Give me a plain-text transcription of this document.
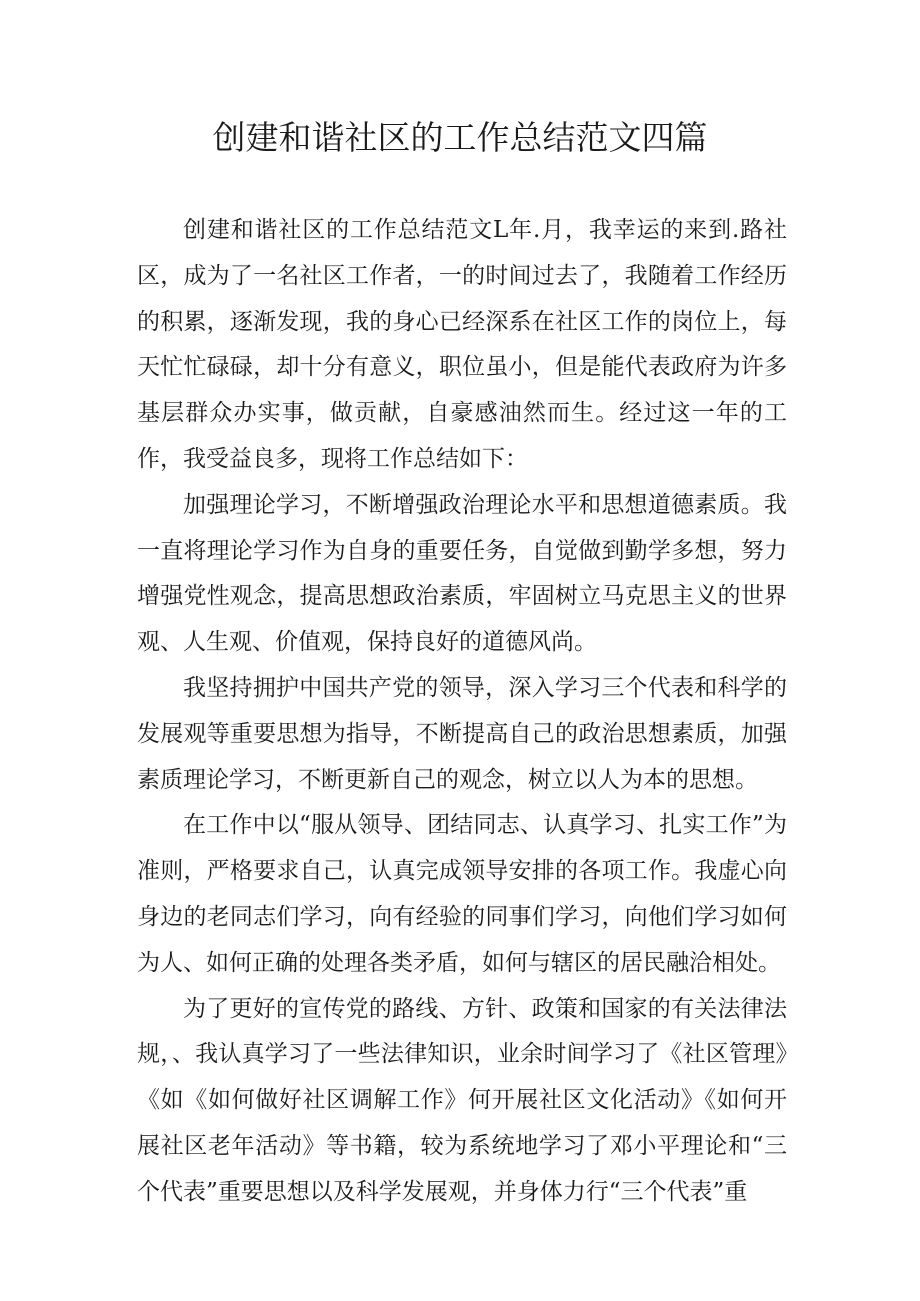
创建和谐社区的工作总结范文四篇

创建和谐社区的工作总结范文L年.月，我幸运的来到.路社区，成为了一名社区工作者，一的时间过去了，我随着工作经历的积累，逐渐发现，我的身心已经深系在社区工作的岗位上，每天忙忙碌碌，却十分有意义，职位虽小，但是能代表政府为许多基层群众办实事，做贡献，自豪感油然而生。经过这一年的工作，我受益良多，现将工作总结如下：

加强理论学习，不断增强政治理论水平和思想道德素质。我一直将理论学习作为自身的重要任务，自觉做到勤学多想，努力增强党性观念，提高思想政治素质，牢固树立马克思主义的世界观、人生观、价值观，保持良好的道德风尚。

我坚持拥护中国共产党的领导，深入学习三个代表和科学的发展观等重要思想为指导，不断提高自己的政治思想素质，加强素质理论学习，不断更新自己的观念，树立以人为本的思想。

在工作中以“服从领导、团结同志、认真学习、扎实工作”为准则，严格要求自己，认真完成领导安排的各项工作。我虚心向身边的老同志们学习，向有经验的同事们学习，向他们学习如何为人、如何正确的处理各类矛盾，如何与辖区的居民融洽相处。

为了更好的宣传党的路线、方针、政策和国家的有关法律法规，、我认真学习了一些法律知识，业余时间学习了《社区管理》《如《如何做好社区调解工作》何开展社区文化活动》《如何开展社区老年活动》等书籍，较为系统地学习了邓小平理论和“三个代表”重要思想以及科学发展观，并身体力行“三个代表”重
